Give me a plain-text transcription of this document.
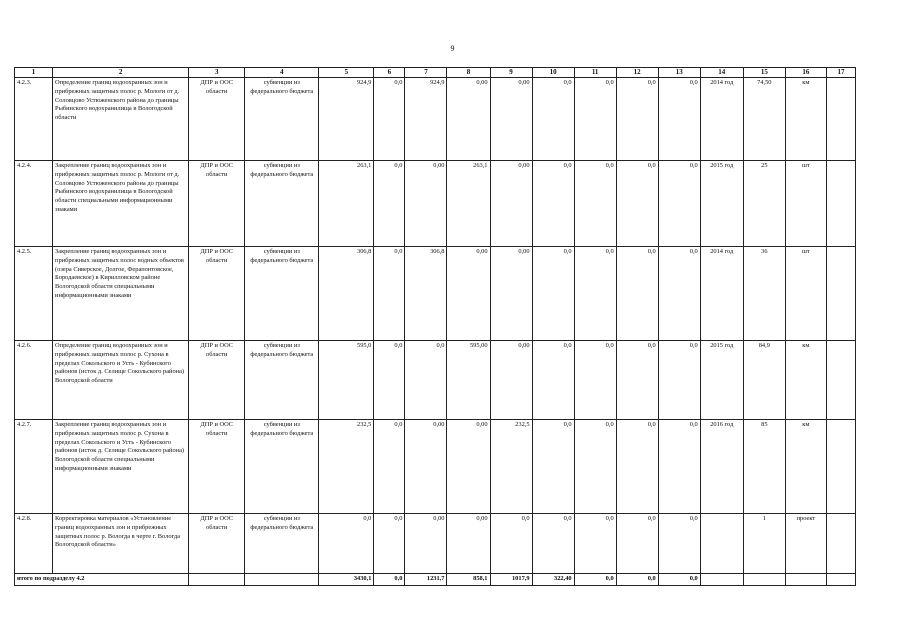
9
1	2	3	4	5	6	7	8	9	10	11	12	13	14	15	16	17
4.2.3.	Определение границ водоохранных зон и прибрежных защитных полос р. Мологи от д. Соловцово Устюженского района до границы Рыбинского водохранилища в Вологодской области	ДПР и ООС области	субвенции из федерального бюджета	924,9	0,0	924,9	0,00	0,00	0,0	0,0	0,0	0,0	2014 год	74,50	км	
4.2.4.	Закрепление границ водоохранных зон и прибрежных защитных полос р. Мологи от д. Соловцово Устюженского района до границы Рыбинского водохранилища в Вологодской области специальными информационными знаками	ДПР и ООС области	субвенции из федерального бюджета	263,1	0,0	0,00	263,1	0,00	0,0	0,0	0,0	0,0	2015 год	25	шт	
4.2.5.	Закрепление границ водоохранных зон и прибрежных защитных полос водных объектов (озера Сиверское, Долгое, Ферапонтовское, Бородаевское) в Кирилловском районе Вологодской области специальными информационными знаками	ДПР и ООС области	субвенции из федерального бюджета	306,8	0,0	306,8	0,00	0,00	0,0	0,0	0,0	0,0	2014 год	36	шт	
4.2.6.	Определение границ водоохранных зон и прибрежных защитных полос р. Сухона в пределах Сокольского и Усть - Кубинского районов (исток д. Селище Сокольского района) Вологодской области	ДПР и ООС области	субвенции из федерального бюджета	595,0	0,0	0,0	595,00	0,00	0,0	0,0	0,0	0,0	2015 год	84,9	км	
4.2.7.	Закрепление границ водоохранных зон и прибрежных защитных полос р. Сухона в пределах Сокольского и Усть - Кубинского районов (исток д. Селище Сокольского района) Вологодской области специальными информационными знаками	ДПР и ООС области	субвенции из федерального бюджета	232,5	0,0	0,00	0,00	232,5	0,0	0,0	0,0	0,0	2016 год	85	км	
4.2.8.	Корректировка материалов «Установление границ водоохранных зон и прибрежных защитных полос р. Вологда в черте г. Вологда Вологодской области»	ДПР и ООС области	субвенции из федерального бюджета	0,0	0,0	0,00	0,00	0,0	0,0	0,0	0,0	0,0		1	проект	
итого по подразделу 4.2				3430,1	0,0	1231,7	858,1	1017,9	322,40	0,0	0,0	0,0				
